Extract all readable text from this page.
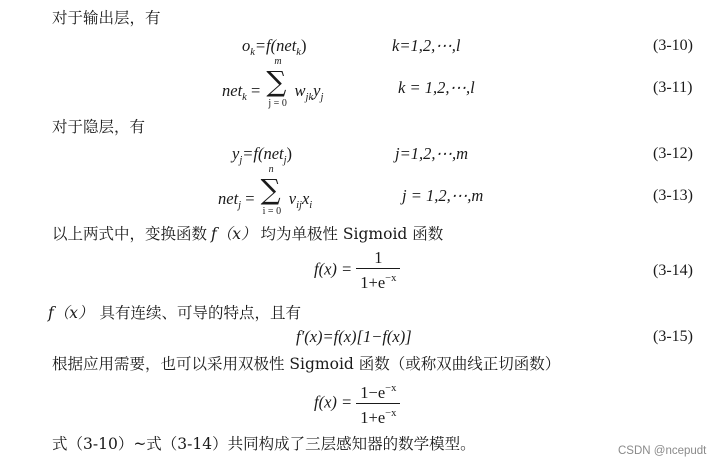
对于输出层，有
$o_k=f(net_k)$	k=1,2,⋯,l	(3-10)
net$_k$ = ∑
m
j = 0
$w_{jk}y_j$
k = 1,2,⋯,l	(3-11)
对于隐层，有
$y_j=f(net_j)$	j=1,2,⋯,m	(3-12)
net$_j$ = ∑
n
i = 0
$v_{ij}x_i$
j = 1,2,⋯,m	(3-13)
以上两式中，变换函数 f（x） 均为单极性 Sigmoid 函数
$f(x) = \frac{1}{1+e^{-x}}$	(3-14)
f（x） 具有连续、可导的特点，且有
f′(x)=f(x)[1−f(x)]	(3-15)
根据应用需要，也可以采用双极性 Sigmoid 函数（或称双曲线正切函数）
$f(x) = \frac{1-e^{-x}}{1+e^{-x}}$
式（3-10）~式（3-14）共同构成了三层感知器的数学模型。	CSDN @ncepudt
